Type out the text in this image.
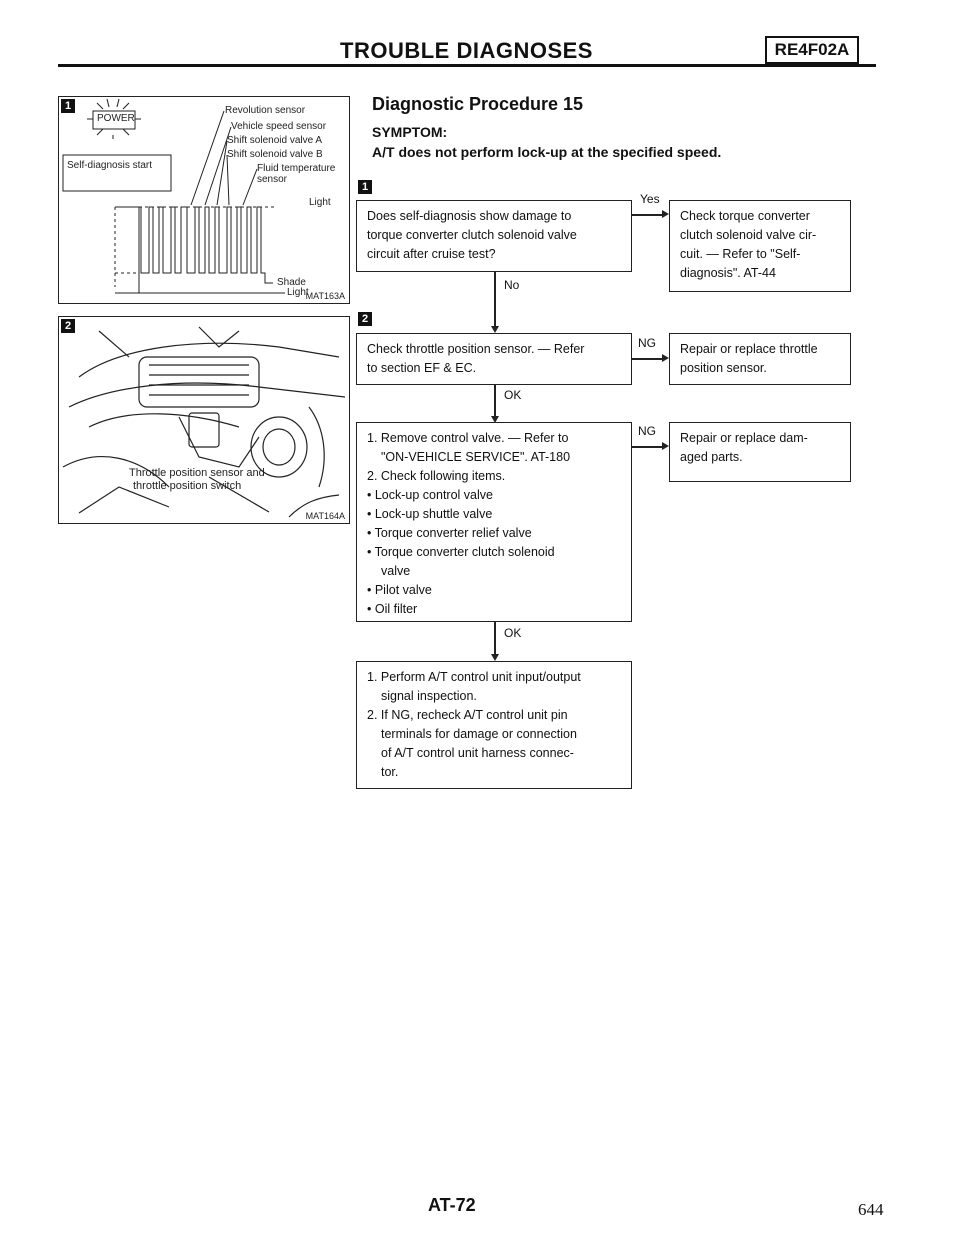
TROUBLE DIAGNOSES	RE4F02A
1
POWER
Self-diagnosis start
Revolution sensor
Vehicle speed sensor
Shift solenoid valve A
Shift solenoid valve B
Fluid temperature sensor
Light
Shade
Light
MAT163A
2
Throttle position sensor and
throttle position switch
MAT164A
Diagnostic Procedure 15
SYMPTOM:
A/T does not perform lock-up at the specified speed.
1
2
Does self-diagnosis show damage to
torque converter clutch solenoid valve
circuit after cruise test?
Yes
Check torque converter
clutch solenoid valve cir-
cuit. — Refer to "Self-
diagnosis". AT-44
No
Check throttle position sensor. — Refer
to section EF & EC.
NG Repair or replace throttle
position sensor.
OK
1. Remove control valve. — Refer to
"ON-VEHICLE SERVICE". AT-180
2. Check following items.
• Lock-up control valve
• Lock-up shuttle valve
• Torque converter relief valve
• Torque converter clutch solenoid
valve
• Pilot valve
• Oil filter
NG Repair or replace dam-
aged parts.
OK
1. Perform A/T control unit input/output
signal inspection.
2. If NG, recheck A/T control unit pin
terminals for damage or connection
of A/T control unit harness connec-
tor.
AT-72	644
